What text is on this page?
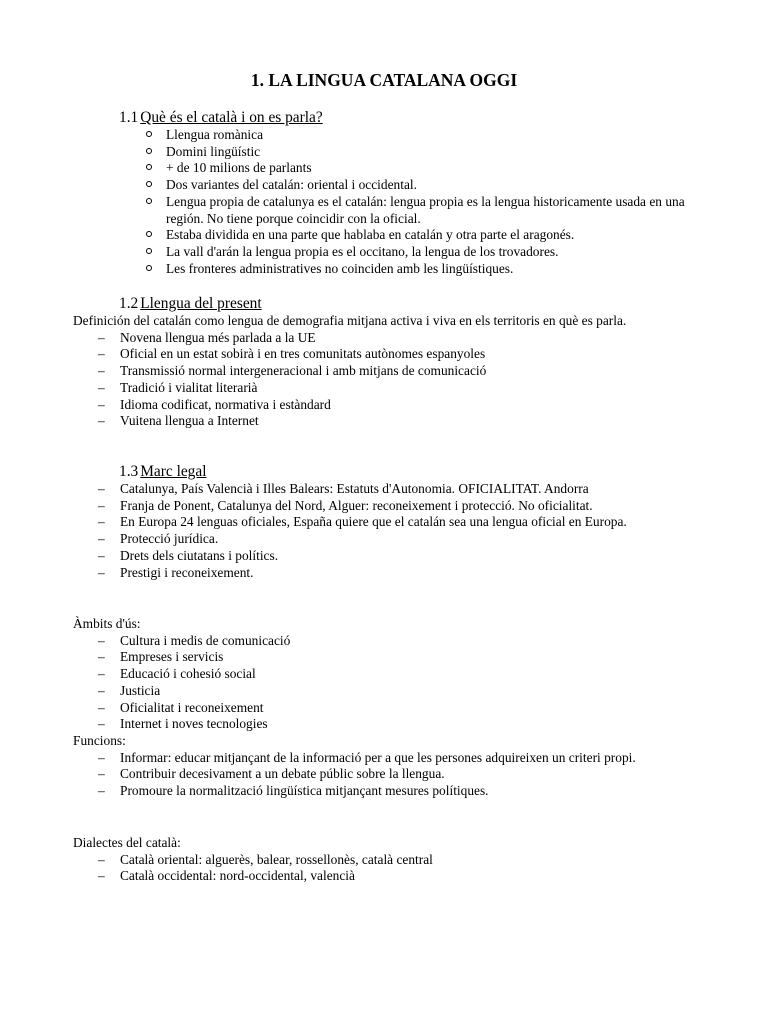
1. LA LINGUA CATALANA OGGI
1.1 Què és el català i on es parla?
Llengua romànica
Domini lingüístic
+ de 10 milions de parlants
Dos variantes del catalán: oriental i occidental.
Lengua propia de catalunya es el catalán: lengua propia es la lengua historicamente usada en una región. No tiene porque coincidir con la oficial.
Estaba dividida en una parte que hablaba en catalán y otra parte el aragonés.
La vall d'arán la lengua propia es el occitano, la lengua de los trovadores.
Les fronteres administratives no coinciden amb les lingüístiques.
1.2 Llengua del present

Definición del catalán como lengua de demografia mitjana activa i viva en els territoris en què es parla.

– Novena llengua més parlada a la UE
– Oficial en un estat sobirà i en tres comunitats autònomes espanyoles
– Transmissió normal intergeneracional i amb mitjans de comunicació
– Tradició i vialitat literarià
– Idioma codificat, normativa i estàndard
– Vuitena llengua a Internet
1.3 Marc legal
– Catalunya, País Valencià i Illes Balears: Estatuts d'Autonomia. OFICIALITAT. Andorra
– Franja de Ponent, Catalunya del Nord, Alguer: reconeixement i protecció. No oficialitat.
– En Europa 24 lenguas oficiales, España quiere que el catalán sea una lengua oficial en Europa.
– Protecció jurídica.
– Drets dels ciutatans i polítics.
– Prestigi i reconeixement.

Àmbits d'ús:

– Cultura i medis de comunicació
– Empreses i servicis
– Educació i cohesió social
– Justicia
– Oficialitat i reconeixement
– Internet i noves tecnologies

Funcions:

– Informar: educar mitjançant de la informació per a que les persones adquireixen un criteri propi.
– Contribuir decesivament a un debate públic sobre la llengua.
– Promoure la normalització lingüística mitjançant mesures polítiques.

Dialectes del català:

– Català oriental: alguerès, balear, rossellonès, català central
– Català occidental: nord-occidental, valencià
